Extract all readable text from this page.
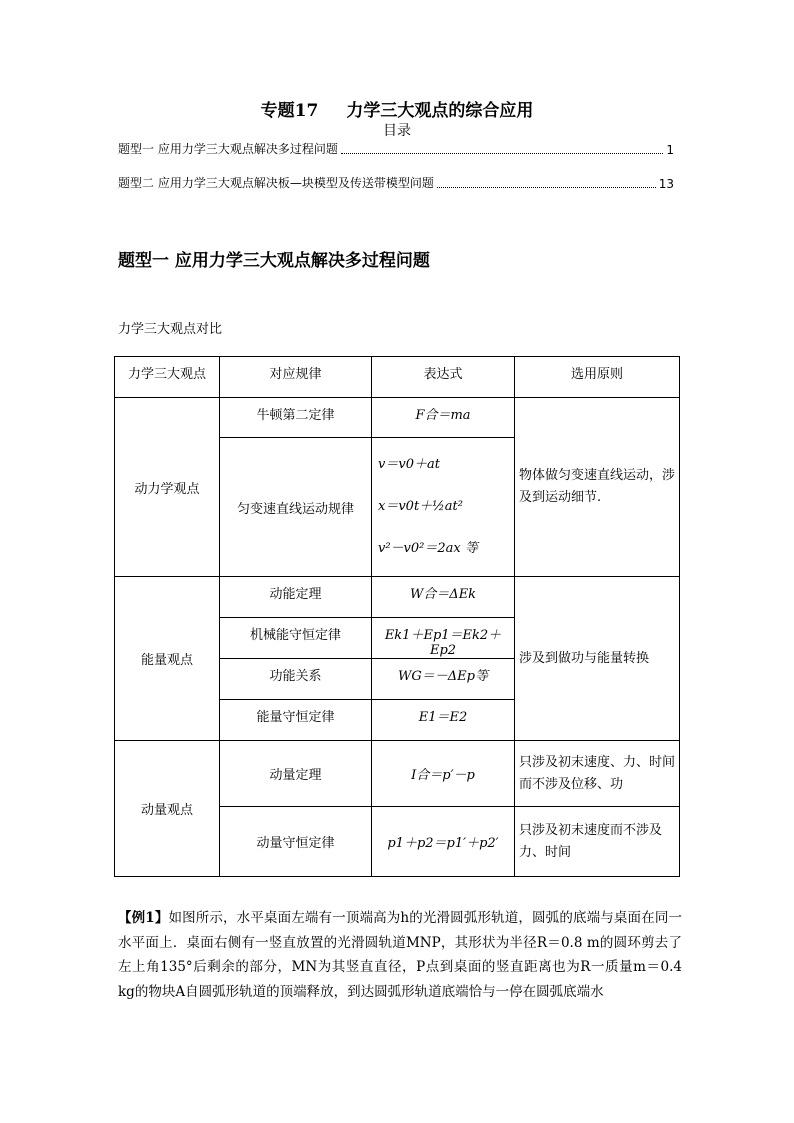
专题17 力学三大观点的综合应用
目录
题型一 应用力学三大观点解决多过程问题	1
题型二 应用力学三大观点解决板—块模型及传送带模型问题	13
题型一 应用力学三大观点解决多过程问题
力学三大观点对比
力学三大观点	对应规律	表达式	选用原则
动力学观点	牛顿第二定律	F合＝ma	物体做匀变速直线运动，涉及到运动细节.
	匀变速直线运动规律	v＝v0＋at
x＝v0t＋½at²
v²－v0²＝2ax 等	

能量观点	动能定理	W合＝ΔEk	涉及到做功与能量转换
	机械能守恒定律	Ek1＋Ep1＝Ek2＋Ep2	
	功能关系	WG＝－ΔEp等	
	能量守恒定律	E1＝E2	
动量观点	动量定理	I合＝p′－p	只涉及初末速度、力、时间而不涉及位移、功
	动量守恒定律	p1＋p2＝p1′＋p2′	只涉及初末速度而不涉及力、时间
【例1】如图所示，水平桌面左端有一顶端高为h的光滑圆弧形轨道，圆弧的底端与桌面在同一水平面上．桌面右侧有一竖直放置的光滑圆轨道MNP，其形状为半径R＝0.8 m的圆环剪去了左上角135°后剩余的部分，MN为其竖直直径，P点到桌面的竖直距离也为R一质量m＝0.4 kg的物块A自圆弧形轨道的顶端释放，到达圆弧形轨道底端恰与一停在圆弧底端水
